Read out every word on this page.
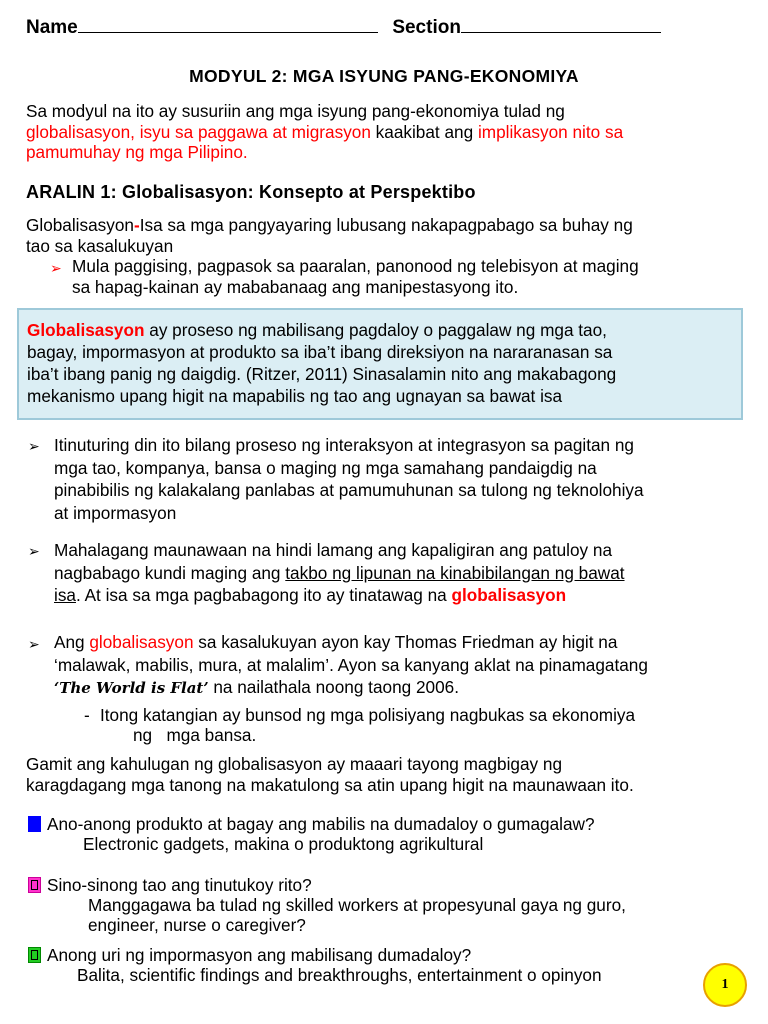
Name	Section
MODYUL 2: MGA ISYUNG PANG-EKONOMIYA
Sa modyul na ito ay susuriin ang mga isyung pang-ekonomiya tulad ng
globalisasyon, isyu sa paggawa at migrasyon kaakibat ang implikasyon nito sa
pamumuhay ng mga Pilipino.
ARALIN 1: Globalisasyon: Konsepto at Perspektibo
Globalisasyon-Isa sa mga pangyayaring lubusang nakapagpabago sa buhay ng
tao sa kasalukuyan
➢ Mula paggising, pagpasok sa paaralan, panonood ng telebisyon at maging
sa hapag-kainan ay mababanaag ang manipestasyong ito.
Globalisasyon ay proseso ng mabilisang pagdaloy o paggalaw ng mga tao,
bagay, impormasyon at produkto sa iba’t ibang direksiyon na nararanasan sa
iba’t ibang panig ng daigdig. (Ritzer, 2011) Sinasalamin nito ang makabagong
mekanismo upang higit na mapabilis ng tao ang ugnayan sa bawat isa
➢ Itinuturing din ito bilang proseso ng interaksyon at integrasyon sa pagitan ng
mga tao, kompanya, bansa o maging ng mga samahang pandaigdig na
pinabibilis ng kalakalang panlabas at pamumuhunan sa tulong ng teknolohiya
at impormasyon
➢ Mahalagang maunawaan na hindi lamang ang kapaligiran ang patuloy na
nagbabago kundi maging ang takbo ng lipunan na kinabibilangan ng bawat
isa. At isa sa mga pagbabagong ito ay tinatawag na globalisasyon
➢ Ang globalisasyon sa kasalukuyan ayon kay Thomas Friedman ay higit na
‘malawak, mabilis, mura, at malalim’. Ayon sa kanyang aklat na pinamagatang
‘The World is Flat’ na nailathala noong taong 2006.
- Itong katangian ay bunsod ng mga polisiyang nagbukas sa ekonomiya
ng   mga bansa.
Gamit ang kahulugan ng globalisasyon ay maaari tayong magbigay ng
karagdagang mga tanong na makatulong sa atin upang higit na maunawaan ito.
Ano-anong produkto at bagay ang mabilis na dumadaloy o gumagalaw?
Electronic gadgets, makina o produktong agrikultural
Sino-sinong tao ang tinutukoy rito?
Manggagawa ba tulad ng skilled workers at propesyunal gaya ng guro,
engineer, nurse o caregiver?
Anong uri ng impormasyon ang mabilisang dumadaloy?
Balita, scientific findings and breakthroughs, entertainment o opinyon	1
